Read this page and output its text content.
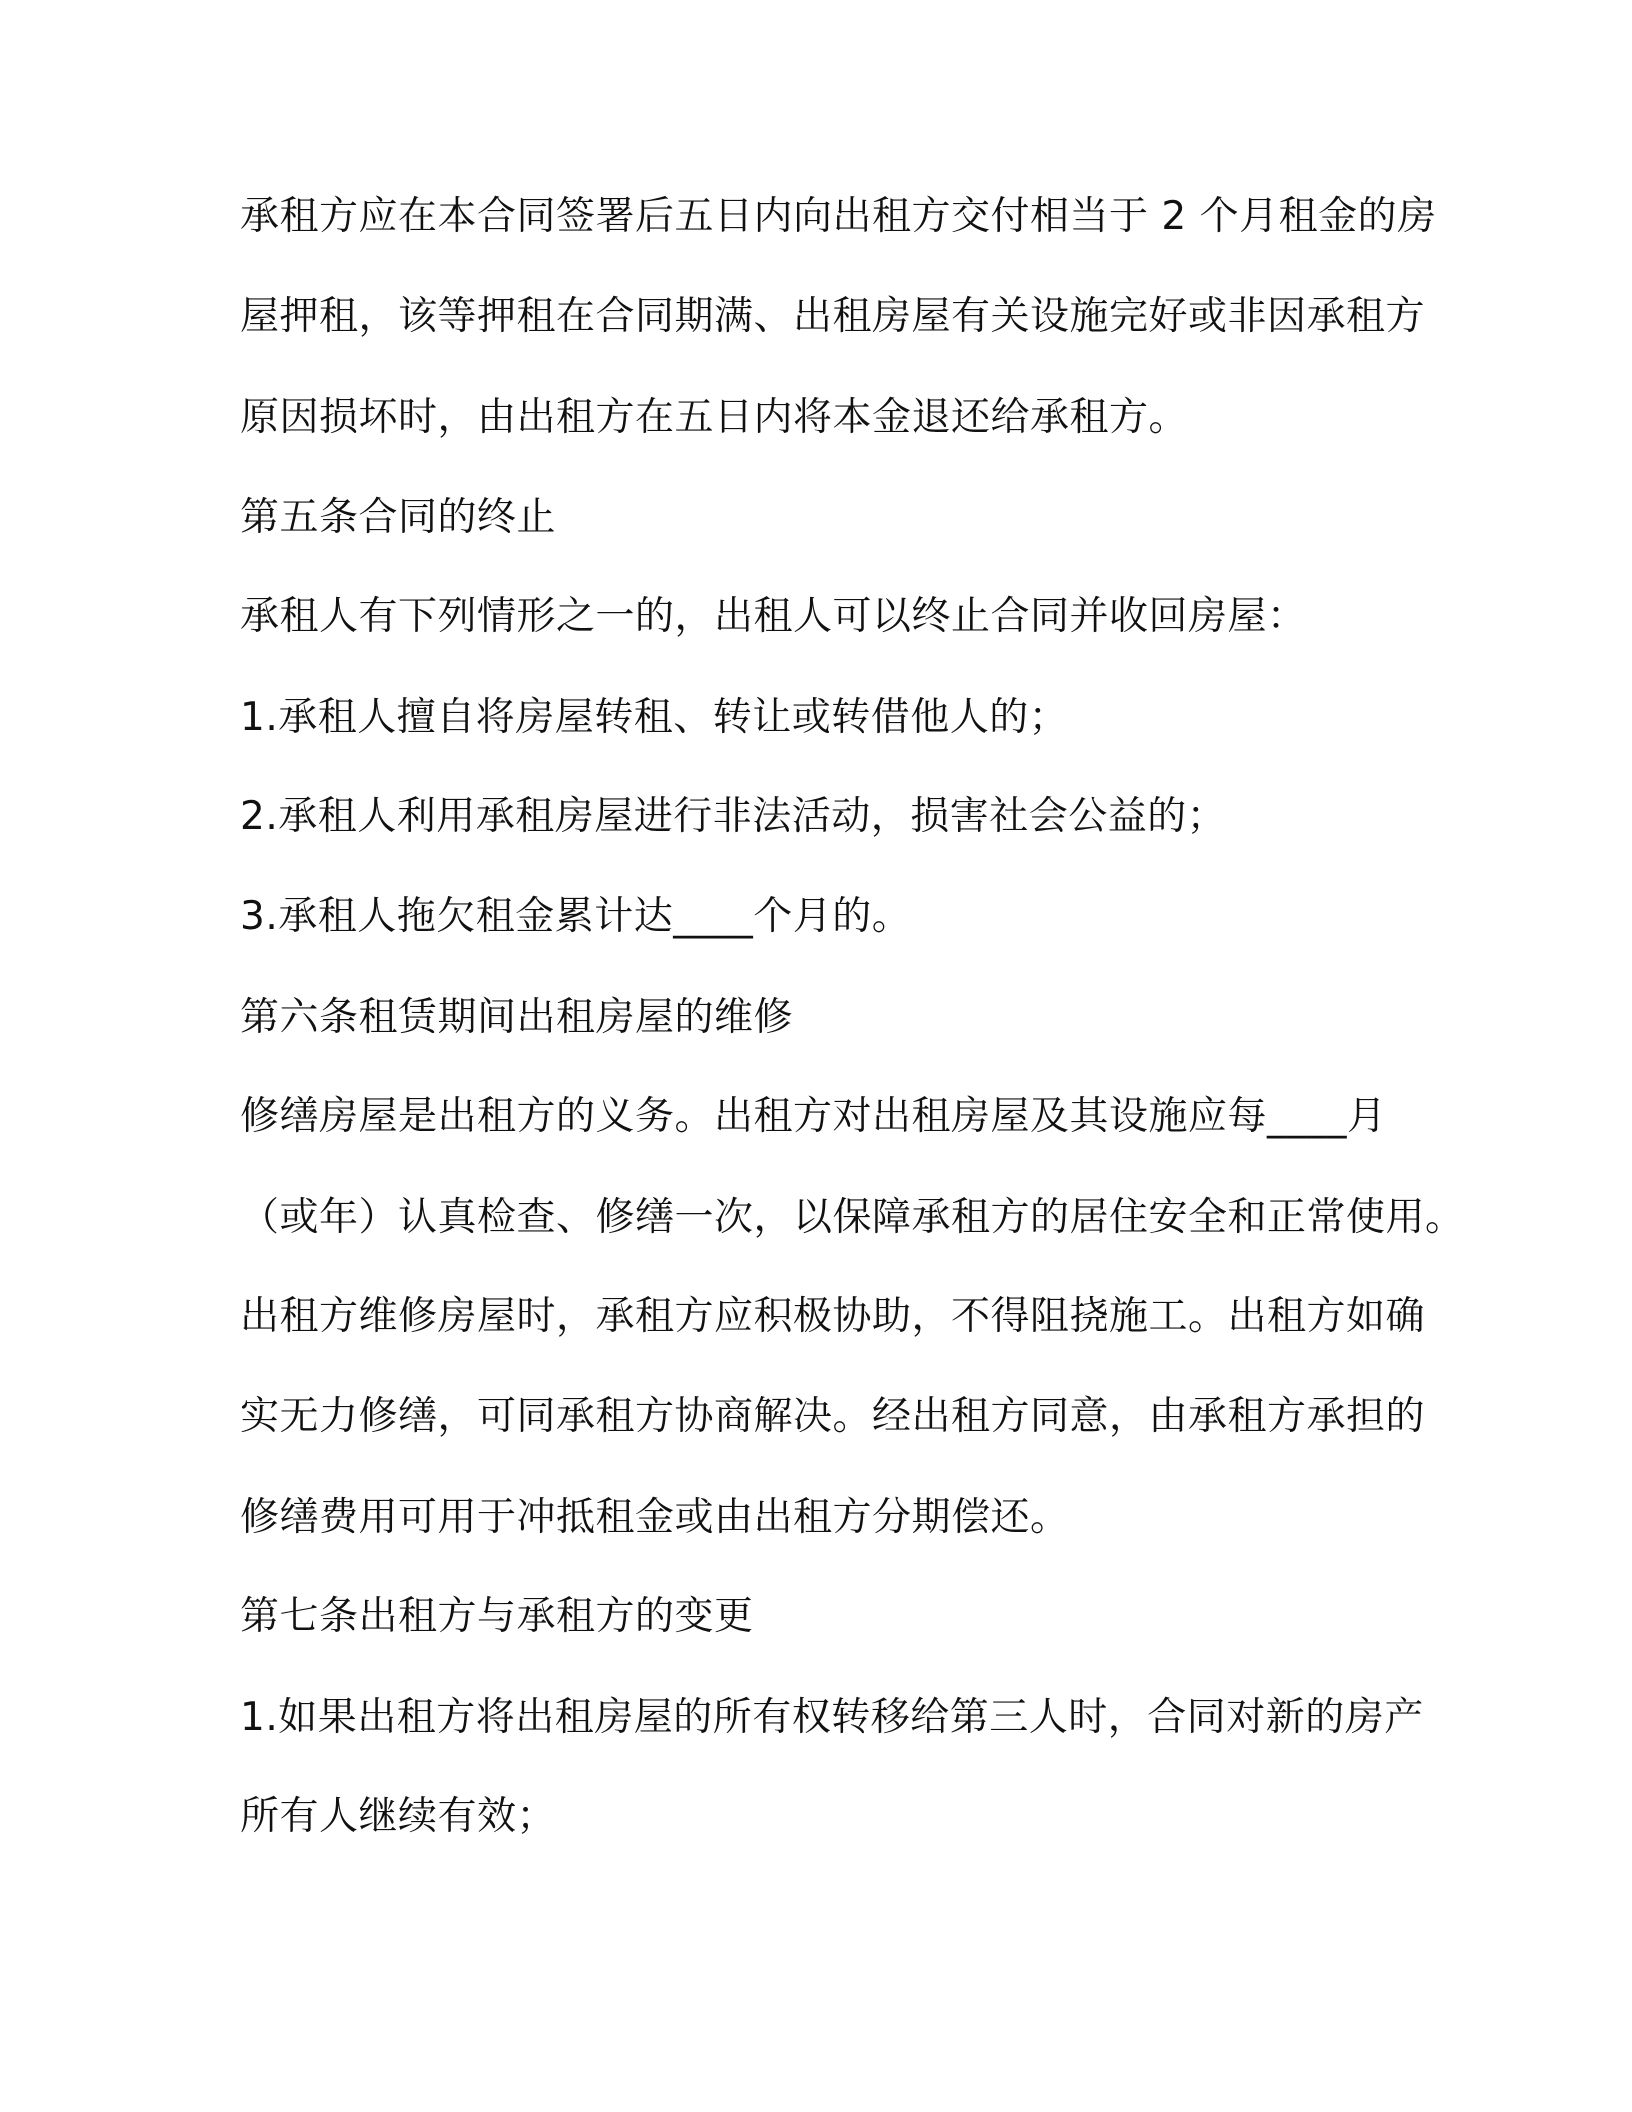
承租方应在本合同签署后五日内向出租方交付相当于 2 个月租金的房
屋押租，该等押租在合同期满、出租房屋有关设施完好或非因承租方
原因损坏时，由出租方在五日内将本金退还给承租方。
第五条合同的终止
承租人有下列情形之一的，出租人可以终止合同并收回房屋：
1.承租人擅自将房屋转租、转让或转借他人的；
2.承租人利用承租房屋进行非法活动，损害社会公益的；
3.承租人拖欠租金累计达____个月的。
第六条租赁期间出租房屋的维修
修缮房屋是出租方的义务。出租方对出租房屋及其设施应每____月
（或年）认真检查、修缮一次，以保障承租方的居住安全和正常使用。
出租方维修房屋时，承租方应积极协助，不得阻挠施工。出租方如确
实无力修缮，可同承租方协商解决。经出租方同意，由承租方承担的
修缮费用可用于冲抵租金或由出租方分期偿还。
第七条出租方与承租方的变更
1.如果出租方将出租房屋的所有权转移给第三人时，合同对新的房产
所有人继续有效；
